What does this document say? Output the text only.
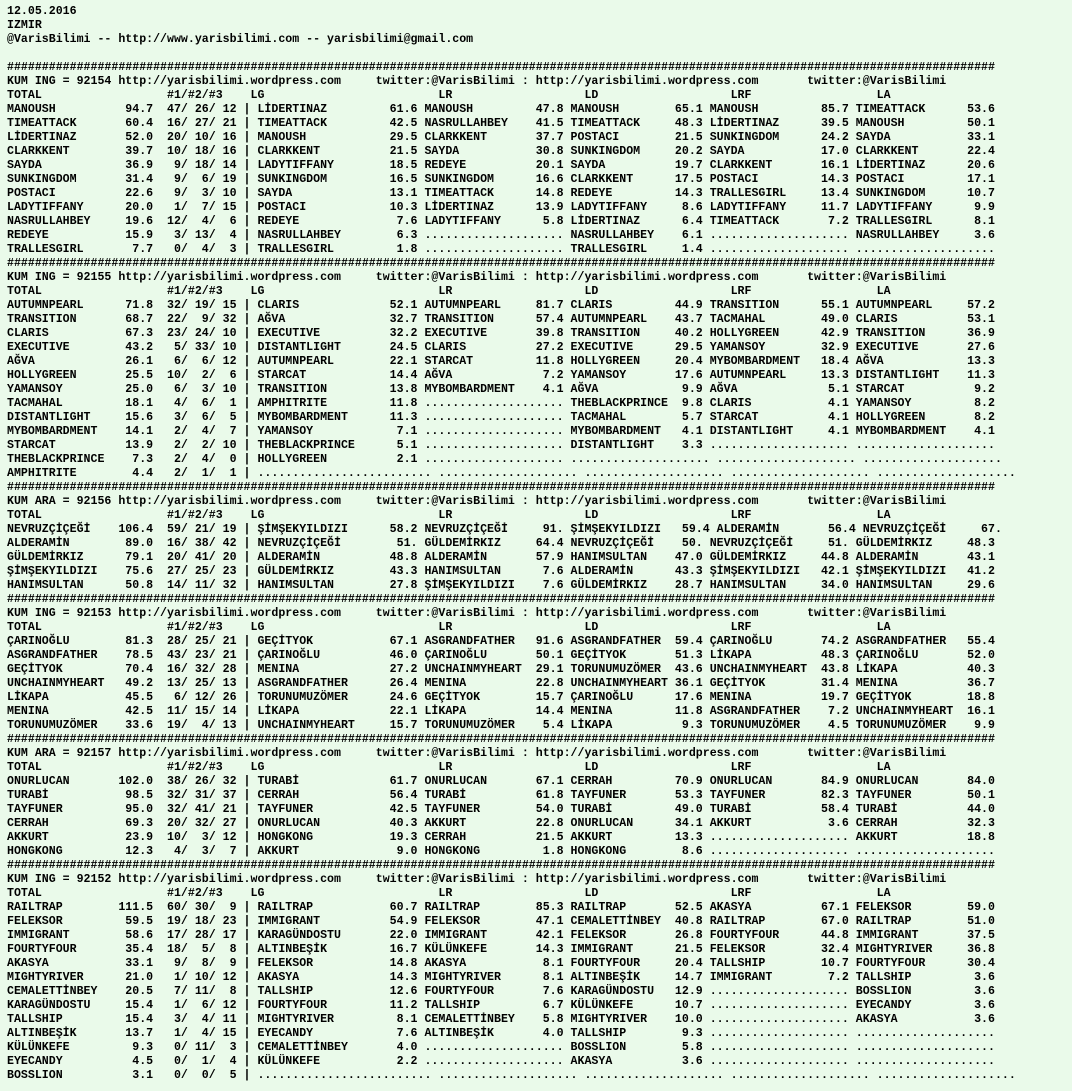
12.05.2016
IZMIR
@VarisBilimi -- http://www.yarisbilimi.com -- yarisbilimi@gmail.com

##############################################################################################################################################
KUM ING = 92154 http://yarisbilimi.wordpress.com     twitter:@VarisBilimi : http://yarisbilimi.wordpress.com       twitter:@VarisBilimi
TOTAL                  #1/#2/#3    LG                         LR                   LD                   LRF                  LA
MANOUSH          94.7  47/ 26/ 12 | LİDERTINAZ         61.6 MANOUSH         47.8 MANOUSH        65.1 MANOUSH         85.7 TIMEATTACK      53.6
TIMEATTACK       60.4  16/ 27/ 21 | TIMEATTACK         42.5 NASRULLAHBEY    41.5 TIMEATTACK     48.3 LİDERTINAZ      39.5 MANOUSH         50.1
LİDERTINAZ       52.0  20/ 10/ 16 | MANOUSH            29.5 CLARKKENT       37.7 POSTACI        21.5 SUNKINGDOM      24.2 SAYDA           33.1
CLARKKENT        39.7  10/ 18/ 16 | CLARKKENT          21.5 SAYDA           30.8 SUNKINGDOM     20.2 SAYDA           17.0 CLARKKENT       22.4
SAYDA            36.9   9/ 18/ 14 | LADYTIFFANY        18.5 REDEYE          20.1 SAYDA          19.7 CLARKKENT       16.1 LİDERTINAZ      20.6
SUNKINGDOM       31.4   9/  6/ 19 | SUNKINGDOM         16.5 SUNKINGDOM      16.6 CLARKKENT      17.5 POSTACI         14.3 POSTACI         17.1
POSTACI          22.6   9/  3/ 10 | SAYDA              13.1 TIMEATTACK      14.8 REDEYE         14.3 TRALLESGIRL     13.4 SUNKINGDOM      10.7
LADYTIFFANY      20.0   1/  7/ 15 | POSTACI            10.3 LİDERTINAZ      13.9 LADYTIFFANY     8.6 LADYTIFFANY     11.7 LADYTIFFANY      9.9
NASRULLAHBEY     19.6  12/  4/  6 | REDEYE              7.6 LADYTIFFANY      5.8 LİDERTINAZ      6.4 TIMEATTACK       7.2 TRALLESGIRL      8.1
REDEYE           15.9   3/ 13/  4 | NASRULLAHBEY        6.3 .................... NASRULLAHBEY    6.1 .................... NASRULLAHBEY     3.6
TRALLESGIRL       7.7   0/  4/  3 | TRALLESGIRL         1.8 .................... TRALLESGIRL     1.4 .................... ....................
##############################################################################################################################################
KUM ING = 92155 http://yarisbilimi.wordpress.com     twitter:@VarisBilimi : http://yarisbilimi.wordpress.com       twitter:@VarisBilimi
TOTAL                  #1/#2/#3    LG                         LR                   LD                   LRF                  LA
AUTUMNPEARL      71.8  32/ 19/ 15 | CLARIS             52.1 AUTUMNPEARL     81.7 CLARIS         44.9 TRANSITION      55.1 AUTUMNPEARL     57.2
TRANSITION       68.7  22/  9/ 32 | AĞVA               32.7 TRANSITION      57.4 AUTUMNPEARL    43.7 TACMAHAL        49.0 CLARIS          53.1
CLARIS           67.3  23/ 24/ 10 | EXECUTIVE          32.2 EXECUTIVE       39.8 TRANSITION     40.2 HOLLYGREEN      42.9 TRANSITION      36.9
EXECUTIVE        43.2   5/ 33/ 10 | DISTANTLIGHT       24.5 CLARIS          27.2 EXECUTIVE      29.5 YAMANSOY        32.9 EXECUTIVE       27.6
AĞVA             26.1   6/  6/ 12 | AUTUMNPEARL        22.1 STARCAT         11.8 HOLLYGREEN     20.4 MYBOMBARDMENT   18.4 AĞVA            13.3
HOLLYGREEN       25.5  10/  2/  6 | STARCAT            14.4 AĞVA             7.2 YAMANSOY       17.6 AUTUMNPEARL     13.3 DISTANTLIGHT    11.3
YAMANSOY         25.0   6/  3/ 10 | TRANSITION         13.8 MYBOMBARDMENT    4.1 AĞVA            9.9 AĞVA             5.1 STARCAT          9.2
TACMAHAL         18.1   4/  6/  1 | AMPHITRITE         11.8 .................... THEBLACKPRINCE  9.8 CLARIS           4.1 YAMANSOY         8.2
DISTANTLIGHT     15.6   3/  6/  5 | MYBOMBARDMENT      11.3 .................... TACMAHAL        5.7 STARCAT          4.1 HOLLYGREEN       8.2
MYBOMBARDMENT    14.1   2/  4/  7 | YAMANSOY            7.1 .................... MYBOMBARDMENT   4.1 DISTANTLIGHT     4.1 MYBOMBARDMENT    4.1
STARCAT          13.9   2/  2/ 10 | THEBLACKPRINCE      5.1 .................... DISTANTLIGHT    3.3 .................... ....................
THEBLACKPRINCE    7.3   2/  4/  0 | HOLLYGREEN          2.1 .................... .................... .................... ....................
AMPHITRITE        4.4   2/  1/  1 | ......................... .................... .................... .................... ....................
##############################################################################################################################################
KUM ARA = 92156 http://yarisbilimi.wordpress.com     twitter:@VarisBilimi : http://yarisbilimi.wordpress.com       twitter:@VarisBilimi
TOTAL                  #1/#2/#3    LG                         LR                   LD                   LRF                  LA
NEVRUZÇİÇEĞİ    106.4  59/ 21/ 19 | ŞİMŞEKYILDIZI      58.2 NEVRUZÇİÇEĞİ     91. ŞİMŞEKYILDIZI   59.4 ALDERAMİN       56.4 NEVRUZÇİÇEĞİ     67.
ALDERAMİN        89.0  16/ 38/ 42 | NEVRUZÇİÇEĞİ        51. GÜLDEMİRKIZ     64.4 NEVRUZÇİÇEĞİ    50. NEVRUZÇİÇEĞİ     51. GÜLDEMİRKIZ     48.3
GÜLDEMİRKIZ      79.1  20/ 41/ 20 | ALDERAMİN          48.8 ALDERAMİN       57.9 HANIMSULTAN    47.0 GÜLDEMİRKIZ     44.8 ALDERAMİN       43.1
ŞİMŞEKYILDIZI    75.6  27/ 25/ 23 | GÜLDEMİRKIZ        43.3 HANIMSULTAN      7.6 ALDERAMİN      43.3 ŞİMŞEKYILDIZI   42.1 ŞİMŞEKYILDIZI   41.2
HANIMSULTAN      50.8  14/ 11/ 32 | HANIMSULTAN        27.8 ŞİMŞEKYILDIZI    7.6 GÜLDEMİRKIZ    28.7 HANIMSULTAN     34.0 HANIMSULTAN     29.6
##############################################################################################################################################
KUM ING = 92153 http://yarisbilimi.wordpress.com     twitter:@VarisBilimi : http://yarisbilimi.wordpress.com       twitter:@VarisBilimi
TOTAL                  #1/#2/#3    LG                         LR                   LD                   LRF                  LA
ÇARINOĞLU        81.3  28/ 25/ 21 | GEÇİTYOK           67.1 ASGRANDFATHER   91.6 ASGRANDFATHER  59.4 ÇARINOĞLU       74.2 ASGRANDFATHER   55.4
ASGRANDFATHER    78.5  43/ 23/ 21 | ÇARINOĞLU          46.0 ÇARINOĞLU       50.1 GEÇİTYOK       51.3 LİKAPA          48.3 ÇARINOĞLU       52.0
GEÇİTYOK         70.4  16/ 32/ 28 | MENINA             27.2 UNCHAINMYHEART  29.1 TORUNUMUZÖMER  43.6 UNCHAINMYHEART  43.8 LİKAPA          40.3
UNCHAINMYHEART   49.2  13/ 25/ 13 | ASGRANDFATHER      26.4 MENINA          22.8 UNCHAINMYHEART 36.1 GEÇİTYOK        31.4 MENINA          36.7
LİKAPA           45.5   6/ 12/ 26 | TORUNUMUZÖMER      24.6 GEÇİTYOK        15.7 ÇARINOĞLU      17.6 MENINA          19.7 GEÇİTYOK        18.8
MENINA           42.5  11/ 15/ 14 | LİKAPA             22.1 LİKAPA          14.4 MENINA         11.8 ASGRANDFATHER    7.2 UNCHAINMYHEART  16.1
TORUNUMUZÖMER    33.6  19/  4/ 13 | UNCHAINMYHEART     15.7 TORUNUMUZÖMER    5.4 LİKAPA          9.3 TORUNUMUZÖMER    4.5 TORUNUMUZÖMER    9.9
##############################################################################################################################################
KUM ARA = 92157 http://yarisbilimi.wordpress.com     twitter:@VarisBilimi : http://yarisbilimi.wordpress.com       twitter:@VarisBilimi
TOTAL                  #1/#2/#3    LG                         LR                   LD                   LRF                  LA
ONURLUCAN       102.0  38/ 26/ 32 | TURABİ             61.7 ONURLUCAN       67.1 CERRAH         70.9 ONURLUCAN       84.9 ONURLUCAN       84.0
TURABİ           98.5  32/ 31/ 37 | CERRAH             56.4 TURABİ          61.8 TAYFUNER       53.3 TAYFUNER        82.3 TAYFUNER        50.1
TAYFUNER         95.0  32/ 41/ 21 | TAYFUNER           42.5 TAYFUNER        54.0 TURABİ         49.0 TURABİ          58.4 TURABİ          44.0
CERRAH           69.3  20/ 32/ 27 | ONURLUCAN          40.3 AKKURT          22.8 ONURLUCAN      34.1 AKKURT           3.6 CERRAH          32.3
AKKURT           23.9  10/  3/ 12 | HONGKONG           19.3 CERRAH          21.5 AKKURT         13.3 .................... AKKURT          18.8
HONGKONG         12.3   4/  3/  7 | AKKURT              9.0 HONGKONG         1.8 HONGKONG        8.6 .................... ....................
##############################################################################################################################################
KUM ING = 92152 http://yarisbilimi.wordpress.com     twitter:@VarisBilimi : http://yarisbilimi.wordpress.com       twitter:@VarisBilimi
TOTAL                  #1/#2/#3    LG                         LR                   LD                   LRF                  LA
RAILTRAP        111.5  60/ 30/  9 | RAILTRAP           60.7 RAILTRAP        85.3 RAILTRAP       52.5 AKASYA          67.1 FELEKSOR        59.0
FELEKSOR         59.5  19/ 18/ 23 | IMMIGRANT          54.9 FELEKSOR        47.1 CEMALETTİNBEY  40.8 RAILTRAP        67.0 RAILTRAP        51.0
IMMIGRANT        58.6  17/ 28/ 17 | KARAGÜNDOSTU       22.0 IMMIGRANT       42.1 FELEKSOR       26.8 FOURTYFOUR      44.8 IMMIGRANT       37.5
FOURTYFOUR       35.4  18/  5/  8 | ALTINBEŞİK         16.7 KÜLÜNKEFE       14.3 IMMIGRANT      21.5 FELEKSOR        32.4 MIGHTYRIVER     36.8
AKASYA           33.1   9/  8/  9 | FELEKSOR           14.8 AKASYA           8.1 FOURTYFOUR     20.4 TALLSHIP        10.7 FOURTYFOUR      30.4
MIGHTYRIVER      21.0   1/ 10/ 12 | AKASYA             14.3 MIGHTYRIVER      8.1 ALTINBEŞİK     14.7 IMMIGRANT        7.2 TALLSHIP         3.6
CEMALETTİNBEY    20.5   7/ 11/  8 | TALLSHIP           12.6 FOURTYFOUR       7.6 KARAGÜNDOSTU   12.9 .................... BOSSLION         3.6
KARAGÜNDOSTU     15.4   1/  6/ 12 | FOURTYFOUR         11.2 TALLSHIP         6.7 KÜLÜNKEFE      10.7 .................... EYECANDY         3.6
TALLSHIP         15.4   3/  4/ 11 | MIGHTYRIVER         8.1 CEMALETTİNBEY    5.8 MIGHTYRIVER    10.0 .................... AKASYA           3.6
ALTINBEŞİK       13.7   1/  4/ 15 | EYECANDY            7.6 ALTINBEŞİK       4.0 TALLSHIP        9.3 .................... ....................
KÜLÜNKEFE         9.3   0/ 11/  3 | CEMALETTİNBEY       4.0 .................... BOSSLION        5.8 .................... ....................
EYECANDY          4.5   0/  1/  4 | KÜLÜNKEFE           2.2 .................... AKASYA          3.6 .................... ....................
BOSSLION          3.1   0/  0/  5 | ......................... .................... .................... .................... ....................
